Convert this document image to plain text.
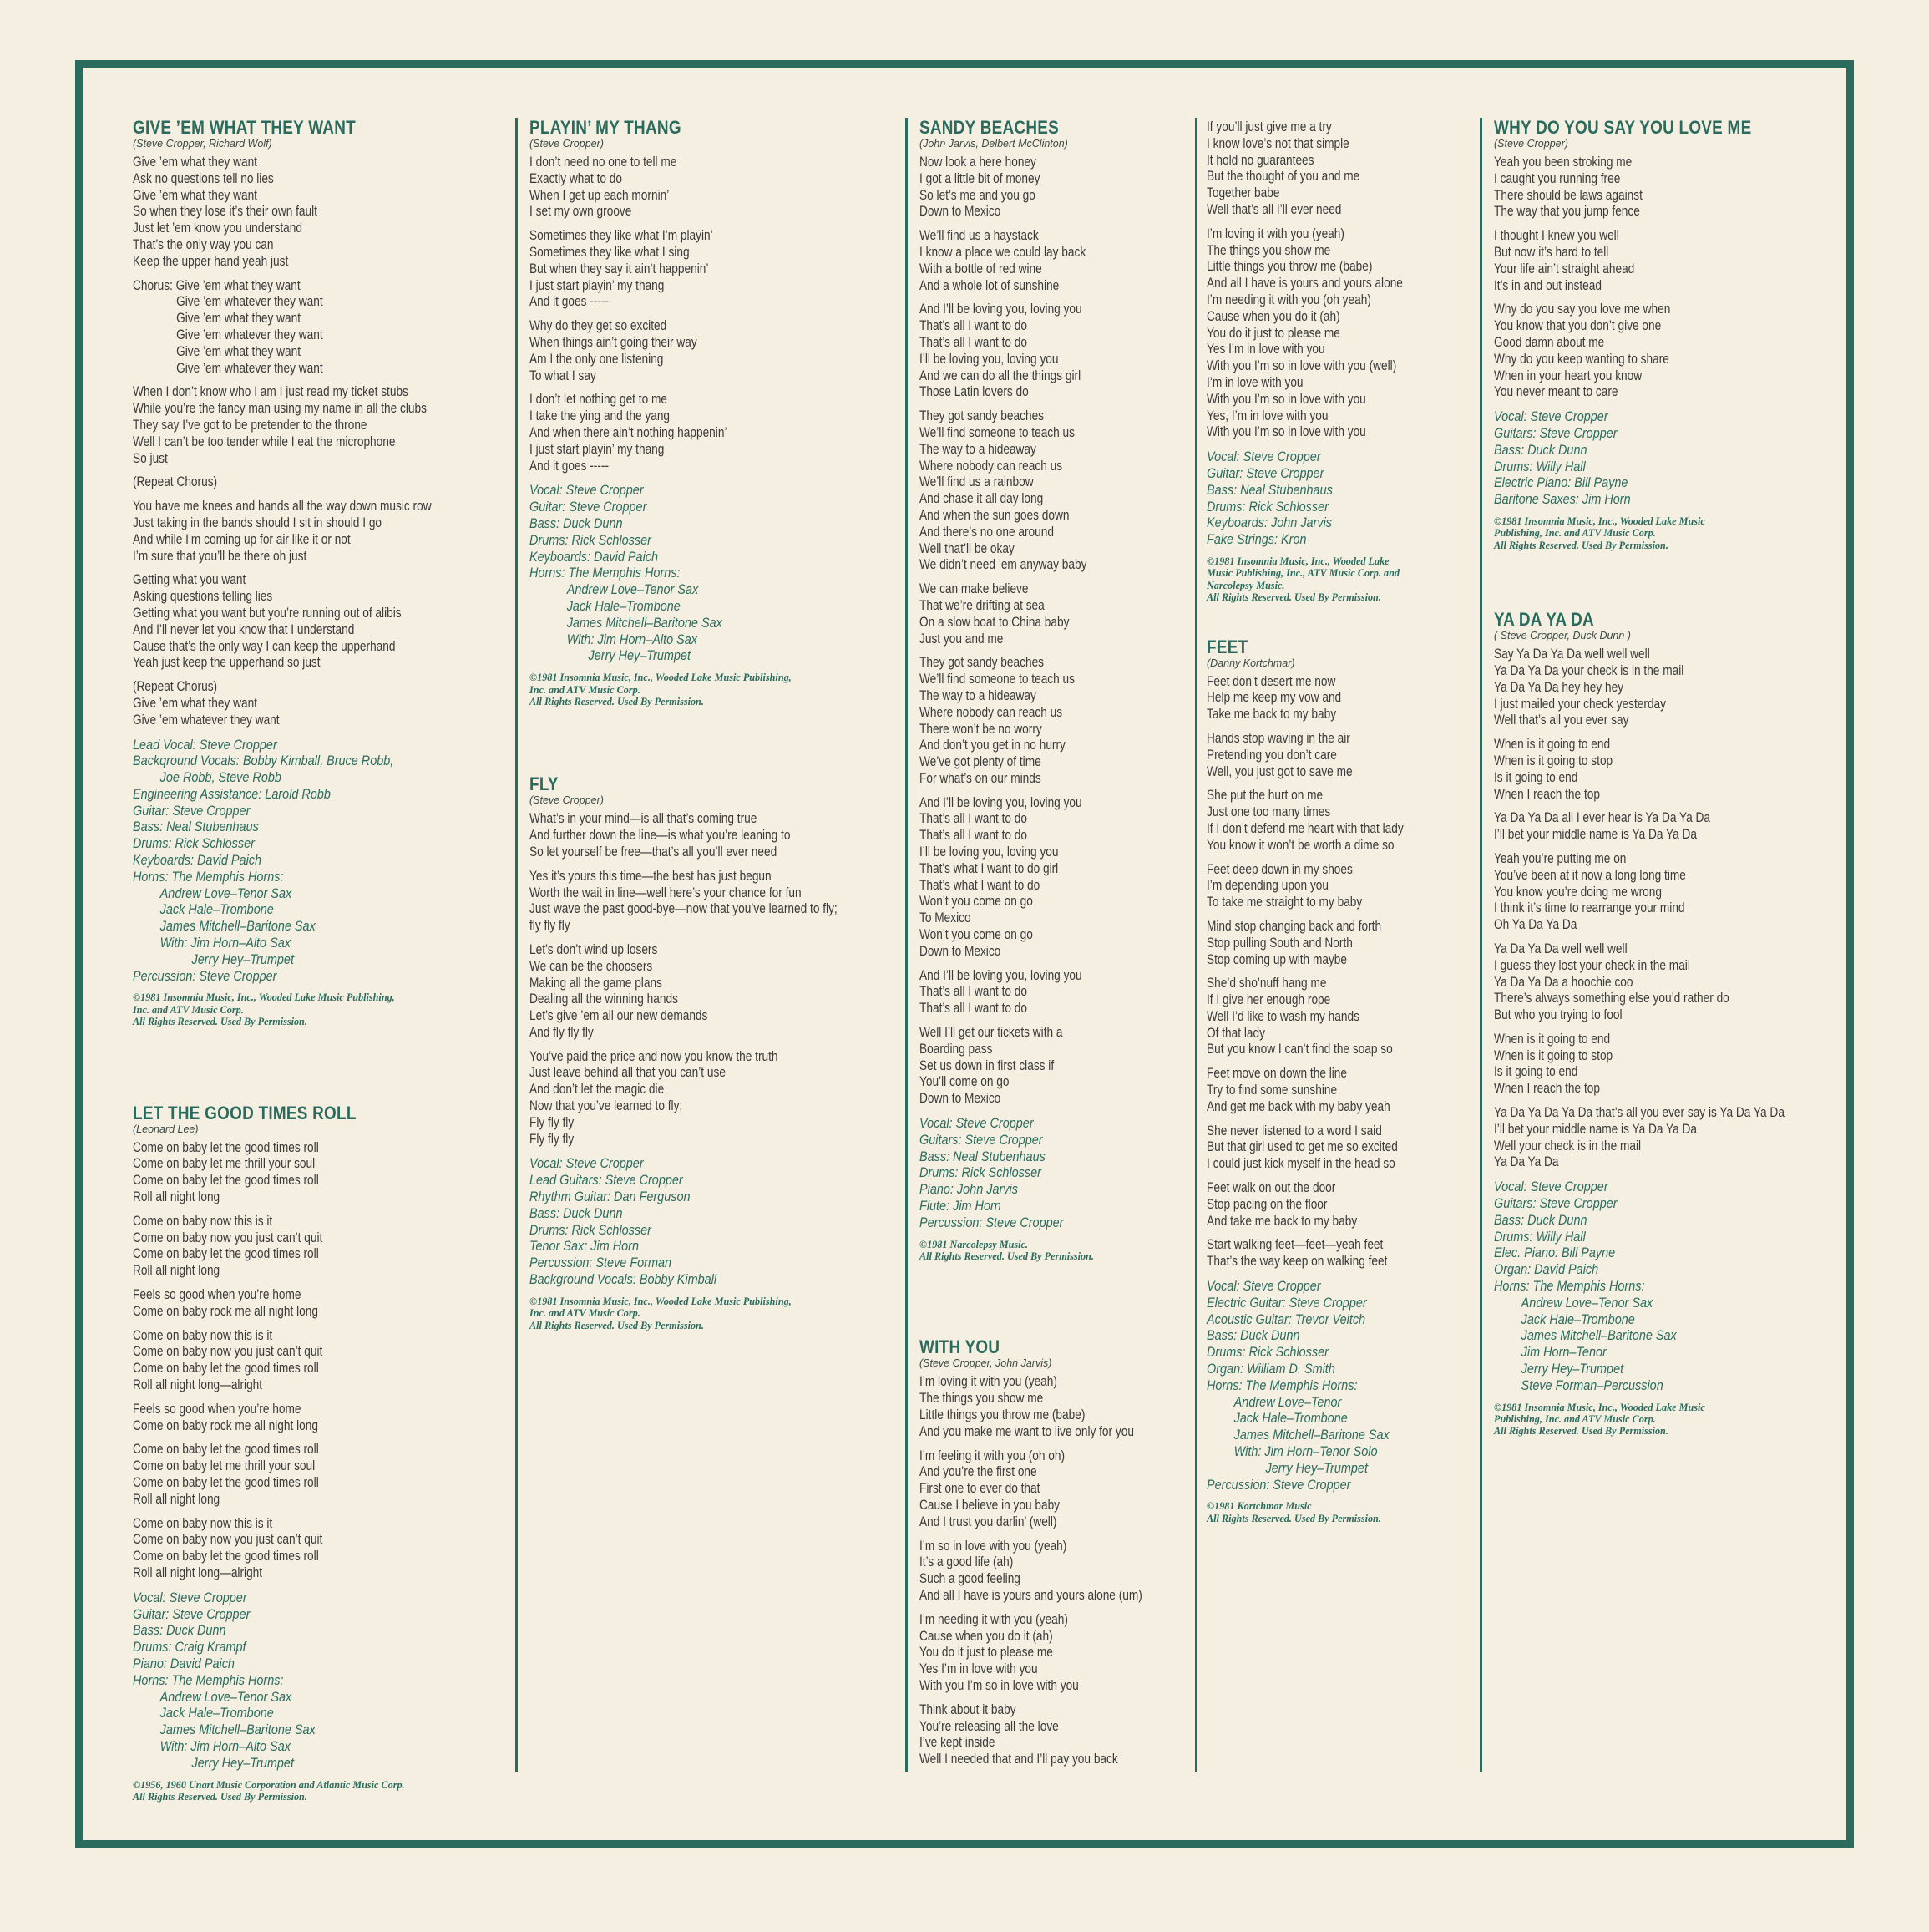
GIVE ’EM WHAT THEY WANT
(Steve Cropper, Richard Wolf)
Give ’em what they want
Ask no questions tell no lies
Give ’em what they want
So when they lose it’s their own fault
Just let ’em know you understand
That’s the only way you can
Keep the upper hand yeah just
Chorus: Give ’em what they want
Give ’em whatever they want
Give ’em what they want
Give ’em whatever they want
Give ’em what they want
Give ’em whatever they want
When I don’t know who I am I just read my ticket stubs
While you’re the fancy man using my name in all the clubs
They say I’ve got to be pretender to the throne
Well I can’t be too tender while I eat the microphone
So just
(Repeat Chorus)
You have me knees and hands all the way down music row
Just taking in the bands should I sit in should I go
And while I’m coming up for air like it or not
I’m sure that you’ll be there oh just
Getting what you want
Asking questions telling lies
Getting what you want but you’re running out of alibis
And I’ll never let you know that I understand
Cause that’s the only way I can keep the upperhand
Yeah just keep the upperhand so just
(Repeat Chorus)
Give ’em what they want
Give ’em whatever they want
Lead Vocal: Steve Cropper
Backqround Vocals: Bobby Kimball, Bruce Robb,
Joe Robb, Steve Robb
Engineering Assistance: Larold Robb
Guitar: Steve Cropper
Bass: Neal Stubenhaus
Drums: Rick Schlosser
Keyboards: David Paich
Horns: The Memphis Horns:
Andrew Love–Tenor Sax
Jack Hale–Trombone
James Mitchell–Baritone Sax
With: Jim Horn–Alto Sax
Jerry Hey–Trumpet
Percussion: Steve Cropper
©1981 Insomnia Music, Inc., Wooded Lake Music Publishing,
Inc. and ATV Music Corp.
All Rights Reserved. Used By Permission.
LET THE GOOD TIMES ROLL
(Leonard Lee)
Come on baby let the good times roll
Come on baby let me thrill your soul
Come on baby let the good times roll
Roll all night long
Come on baby now this is it
Come on baby now you just can’t quit
Come on baby let the good times roll
Roll all night long
Feels so good when you’re home
Come on baby rock me all night long
Come on baby now this is it
Come on baby now you just can’t quit
Come on baby let the good times roll
Roll all night long—alright
Feels so good when you’re home
Come on baby rock me all night long
Come on baby let the good times roll
Come on baby let me thrill your soul
Come on baby let the good times roll
Roll all night long
Come on baby now this is it
Come on baby now you just can’t quit
Come on baby let the good times roll
Roll all night long—alright
Vocal: Steve Cropper
Guitar: Steve Cropper
Bass: Duck Dunn
Drums: Craig Krampf
Piano: David Paich
Horns: The Memphis Horns:
Andrew Love–Tenor Sax
Jack Hale–Trombone
James Mitchell–Baritone Sax
With: Jim Horn–Alto Sax
Jerry Hey–Trumpet
©1956, 1960 Unart Music Corporation and Atlantic Music Corp.
All Rights Reserved. Used By Permission.
PLAYIN’ MY THANG
(Steve Cropper)
I don’t need no one to tell me
Exactly what to do
When I get up each mornin’
I set my own groove
Sometimes they like what I’m playin’
Sometimes they like what I sing
But when they say it ain’t happenin’
I just start playin’ my thang
And it goes -----
Why do they get so excited
When things ain’t going their way
Am I the only one listening
To what I say
I don’t let nothing get to me
I take the ying and the yang
And when there ain’t nothing happenin’
I just start playin’ my thang
And it goes -----
Vocal: Steve Cropper
Guitar: Steve Cropper
Bass: Duck Dunn
Drums: Rick Schlosser
Keyboards: David Paich
Horns: The Memphis Horns:
Andrew Love–Tenor Sax
Jack Hale–Trombone
James Mitchell–Baritone Sax
With: Jim Horn–Alto Sax
Jerry Hey–Trumpet
©1981 Insomnia Music, Inc., Wooded Lake Music Publishing,
Inc. and ATV Music Corp.
All Rights Reserved. Used By Permission.
FLY
(Steve Cropper)
What’s in your mind—is all that’s coming true
And further down the line—is what you’re leaning to
So let yourself be free—that’s all you’ll ever need
Yes it’s yours this time—the best has just begun
Worth the wait in line—well here’s your chance for fun
Just wave the past good-bye—now that you’ve learned to fly;
fly fly fly
Let’s don’t wind up losers
We can be the choosers
Making all the game plans
Dealing all the winning hands
Let’s give ’em all our new demands
And fly fly fly
You’ve paid the price and now you know the truth
Just leave behind all that you can’t use
And don’t let the magic die
Now that you’ve learned to fly;
Fly fly fly
Fly fly fly
Vocal: Steve Cropper
Lead Guitars: Steve Cropper
Rhythm Guitar: Dan Ferguson
Bass: Duck Dunn
Drums: Rick Schlosser
Tenor Sax: Jim Horn
Percussion: Steve Forman
Background Vocals: Bobby Kimball
©1981 Insomnia Music, Inc., Wooded Lake Music Publishing,
Inc. and ATV Music Corp.
All Rights Reserved. Used By Permission.
SANDY BEACHES
(John Jarvis, Delbert McClinton)
Now look a here honey
I got a little bit of money
So let’s me and you go
Down to Mexico
We’ll find us a haystack
I know a place we could lay back
With a bottle of red wine
And a whole lot of sunshine
And I’ll be loving you, loving you
That’s all I want to do
That’s all I want to do
I’ll be loving you, loving you
And we can do all the things girl
Those Latin lovers do
They got sandy beaches
We’ll find someone to teach us
The way to a hideaway
Where nobody can reach us
We’ll find us a rainbow
And chase it all day long
And when the sun goes down
And there’s no one around
Well that’ll be okay
We didn’t need ’em anyway baby
We can make believe
That we’re drifting at sea
On a slow boat to China baby
Just you and me
They got sandy beaches
We’ll find someone to teach us
The way to a hideaway
Where nobody can reach us
There won’t be no worry
And don’t you get in no hurry
We’ve got plenty of time
For what’s on our minds
And I’ll be loving you, loving you
That’s all I want to do
That’s all I want to do
I’ll be loving you, loving you
That’s what I want to do girl
That’s what I want to do
Won’t you come on go
To Mexico
Won’t you come on go
Down to Mexico
And I’ll be loving you, loving you
That’s all I want to do
That’s all I want to do
Well I’ll get our tickets with a
Boarding pass
Set us down in first class if
You’ll come on go
Down to Mexico
Vocal: Steve Cropper
Guitars: Steve Cropper
Bass: Neal Stubenhaus
Drums: Rick Schlosser
Piano: John Jarvis
Flute: Jim Horn
Percussion: Steve Cropper
©1981 Narcolepsy Music.
All Rights Reserved. Used By Permission.
WITH YOU
(Steve Cropper, John Jarvis)
I’m loving it with you (yeah)
The things you show me
Little things you throw me (babe)
And you make me want to live only for you
I’m feeling it with you (oh oh)
And you’re the first one
First one to ever do that
Cause I believe in you baby
And I trust you darlin’ (well)
I’m so in love with you (yeah)
It’s a good life (ah)
Such a good feeling
And all I have is yours and yours alone (um)
I’m needing it with you (yeah)
Cause when you do it (ah)
You do it just to please me
Yes I’m in love with you
With you I’m so in love with you
Think about it baby
You’re releasing all the love
I’ve kept inside
Well I needed that and I’ll pay you back
If you’ll just give me a try
I know love’s not that simple
It hold no guarantees
But the thought of you and me
Together babe
Well that’s all I’ll ever need
I’m loving it with you (yeah)
The things you show me
Little things you throw me (babe)
And all I have is yours and yours alone
I’m needing it with you (oh yeah)
Cause when you do it (ah)
You do it just to please me
Yes I’m in love with you
With you I’m so in love with you (well)
I’m in love with you
With you I’m so in love with you
Yes, I’m in love with you
With you I’m so in love with you
Vocal: Steve Cropper
Guitar: Steve Cropper
Bass: Neal Stubenhaus
Drums: Rick Schlosser
Keyboards: John Jarvis
Fake Strings: Kron
©1981 Insomnia Music, Inc., Wooded Lake
Music Publishing, Inc., ATV Music Corp. and
Narcolepsy Music.
All Rights Reserved. Used By Permission.
FEET
(Danny Kortchmar)
Feet don’t desert me now
Help me keep my vow and
Take me back to my baby
Hands stop waving in the air
Pretending you don’t care
Well, you just got to save me
She put the hurt on me
Just one too many times
If I don’t defend me heart with that lady
You know it won’t be worth a dime so
Feet deep down in my shoes
I’m depending upon you
To take me straight to my baby
Mind stop changing back and forth
Stop pulling South and North
Stop coming up with maybe
She’d sho’nuff hang me
If I give her enough rope
Well I’d like to wash my hands
Of that lady
But you know I can’t find the soap so
Feet move on down the line
Try to find some sunshine
And get me back with my baby yeah
She never listened to a word I said
But that girl used to get me so excited
I could just kick myself in the head so
Feet walk on out the door
Stop pacing on the floor
And take me back to my baby
Start walking feet—feet—yeah feet
That’s the way keep on walking feet
Vocal: Steve Cropper
Electric Guitar: Steve Cropper
Acoustic Guitar: Trevor Veitch
Bass: Duck Dunn
Drums: Rick Schlosser
Organ: William D. Smith
Horns: The Memphis Horns:
Andrew Love–Tenor
Jack Hale–Trombone
James Mitchell–Baritone Sax
With: Jim Horn–Tenor Solo
Jerry Hey–Trumpet
Percussion: Steve Cropper
©1981 Kortchmar Music
All Rights Reserved. Used By Permission.
WHY DO YOU SAY YOU LOVE ME
(Steve Cropper)
Yeah you been stroking me
I caught you running free
There should be laws against
The way that you jump fence
I thought I knew you well
But now it’s hard to tell
Your life ain’t straight ahead
It’s in and out instead
Why do you say you love me when
You know that you don’t give one
Good damn about me
Why do you keep wanting to share
When in your heart you know
You never meant to care
Vocal: Steve Cropper
Guitars: Steve Cropper
Bass: Duck Dunn
Drums: Willy Hall
Electric Piano: Bill Payne
Baritone Saxes: Jim Horn
©1981 Insomnia Music, Inc., Wooded Lake Music
Publishing, Inc. and ATV Music Corp.
All Rights Reserved. Used By Permission.
YA DA YA DA
( Steve Cropper, Duck Dunn )
Say Ya Da Ya Da well well well
Ya Da Ya Da your check is in the mail
Ya Da Ya Da hey hey hey
I just mailed your check yesterday
Well that’s all you ever say
When is it going to end
When is it going to stop
Is it going to end
When I reach the top
Ya Da Ya Da all I ever hear is Ya Da Ya Da
I’ll bet your middle name is Ya Da Ya Da
Yeah you’re putting me on
You’ve been at it now a long long time
You know you’re doing me wrong
I think it’s time to rearrange your mind
Oh Ya Da Ya Da
Ya Da Ya Da well well well
I guess they lost your check in the mail
Ya Da Ya Da a hoochie coo
There’s always something else you’d rather do
But who you trying to fool
When is it going to end
When is it going to stop
Is it going to end
When I reach the top
Ya Da Ya Da Ya Da that’s all you ever say is Ya Da Ya Da
I’ll bet your middle name is Ya Da Ya Da
Well your check is in the mail
Ya Da Ya Da
Vocal: Steve Cropper
Guitars: Steve Cropper
Bass: Duck Dunn
Drums: Willy Hall
Elec. Piano: Bill Payne
Organ: David Paich
Horns: The Memphis Horns:
Andrew Love–Tenor Sax
Jack Hale–Trombone
James Mitchell–Baritone Sax
Jim Horn–Tenor
Jerry Hey–Trumpet
Steve Forman–Percussion
©1981 Insomnia Music, Inc., Wooded Lake Music
Publishing, Inc. and ATV Music Corp.
All Rights Reserved. Used By Permission.
